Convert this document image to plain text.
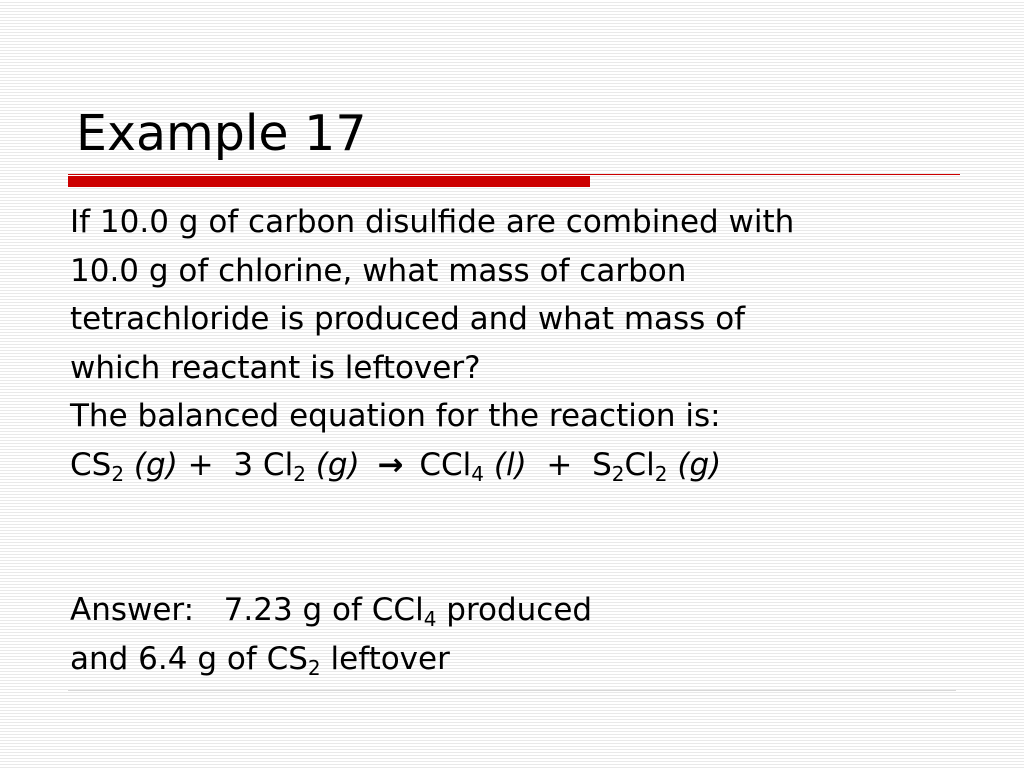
Example 17
If 10.0 g of carbon disulfide are combined with
10.0 g of chlorine, what mass of carbon
tetrachloride is produced and what mass of
which reactant is leftover?
The balanced equation for the reaction is:
$CS_2$ (g) + 3 $Cl_2$ (g) → CCl$_4$ $(l) + S_2Cl_2$ (g)
Answer: 7.23 g of CCl$_4$ produced
and 6.4 g of $CS_2$ leftover
